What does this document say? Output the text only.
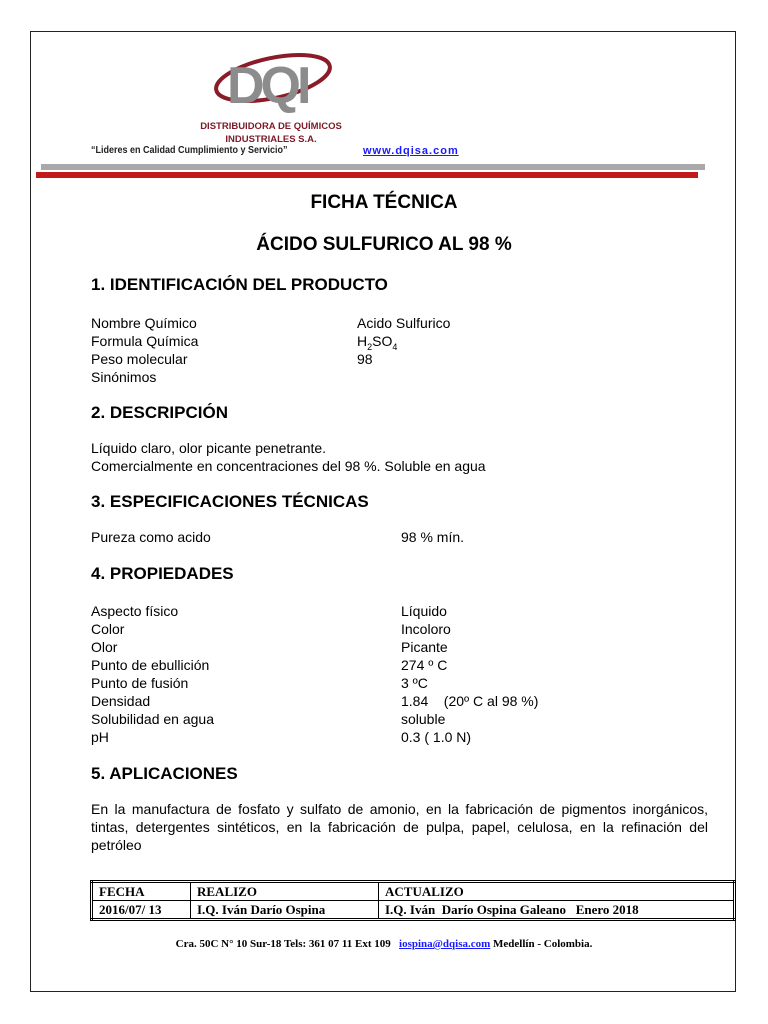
DQI
DISTRIBUIDORA DE QUÍMICOS
INDUSTRIALES S.A.
“Lideres en Calidad Cumplimiento y Servicio”	www.dqisa.com
FICHA TÉCNICA
ÁCIDO SULFURICO AL 98 %
1. IDENTIFICACIÓN DEL PRODUCTO
Nombre Químico	Acido Sulfurico
Formula Química	$H_2SO_4$
Peso molecular	98
Sinónimos
2. DESCRIPCIÓN
Líquido claro, olor picante penetrante.
Comercialmente en concentraciones del 98 %. Soluble en agua
3. ESPECIFICACIONES TÉCNICAS
Pureza como acido	98 % mín.
4. PROPIEDADES
Aspecto físico	Líquido
Color	Incoloro
Olor	Picante
Punto de ebullición	274 º C
Punto de fusión	3 ºC
Densidad	1.84    (20º C al 98 %)
Solubilidad en agua	soluble
pH	0.3 ( 1.0 N)
5. APLICACIONES
En la manufactura de fosfato y sulfato de amonio, en la fabricación de pigmentos inorgánicos, tintas, detergentes sintéticos, en la fabricación de pulpa, papel, celulosa, en la refinación del petróleo
FECHA	REALIZO	ACTUALIZO
2016/07/ 13	I.Q. Iván Darío Ospina	I.Q. Iván  Darío Ospina Galeano   Enero 2018
Cra. 50C N° 10 Sur-18 Tels: 361 07 11 Ext 109 iospina@dqisa.com Medellín - Colombia.
